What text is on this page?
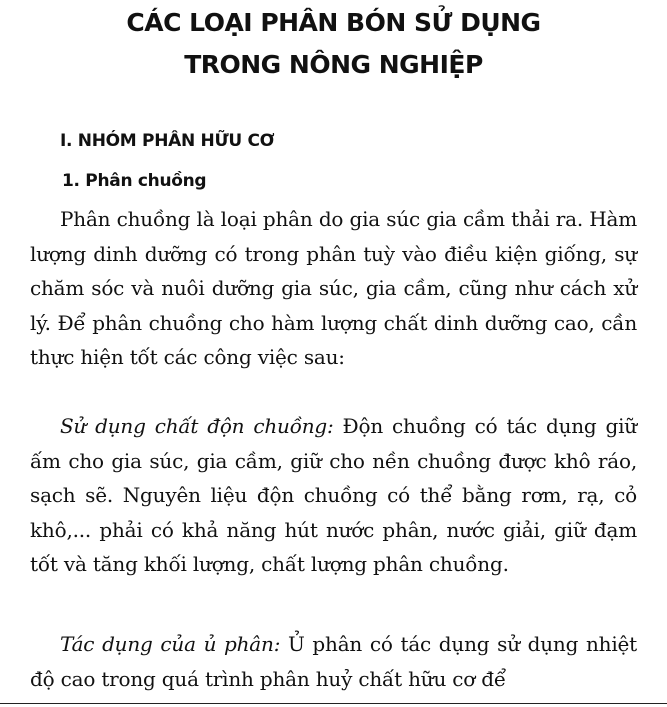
CÁC LOẠI PHÂN BÓN SỬ DỤNG
TRONG NÔNG NGHIỆP
I. NHÓM PHÂN HỮU CƠ
1. Phân chuồng

Phân chuồng là loại phân do gia súc gia cầm thải ra. Hàm lượng dinh dưỡng có trong phân tuỳ vào điều kiện giống, sự chăm sóc và nuôi dưỡng gia súc, gia cầm, cũng như cách xử lý. Để phân chuồng cho hàm lượng chất dinh dưỡng cao, cần thực hiện tốt các công việc sau:

Sử dụng chất độn chuồng: Độn chuồng có tác dụng giữ ấm cho gia súc, gia cầm, giữ cho nền chuồng được khô ráo, sạch sẽ. Nguyên liệu độn chuồng có thể bằng rơm, rạ, cỏ khô,... phải có khả năng hút nước phân, nước giải, giữ đạm tốt và tăng khối lượng, chất lượng phân chuồng.

Tác dụng của ủ phân: Ủ phân có tác dụng sử dụng nhiệt độ cao trong quá trình phân huỷ chất hữu cơ để
